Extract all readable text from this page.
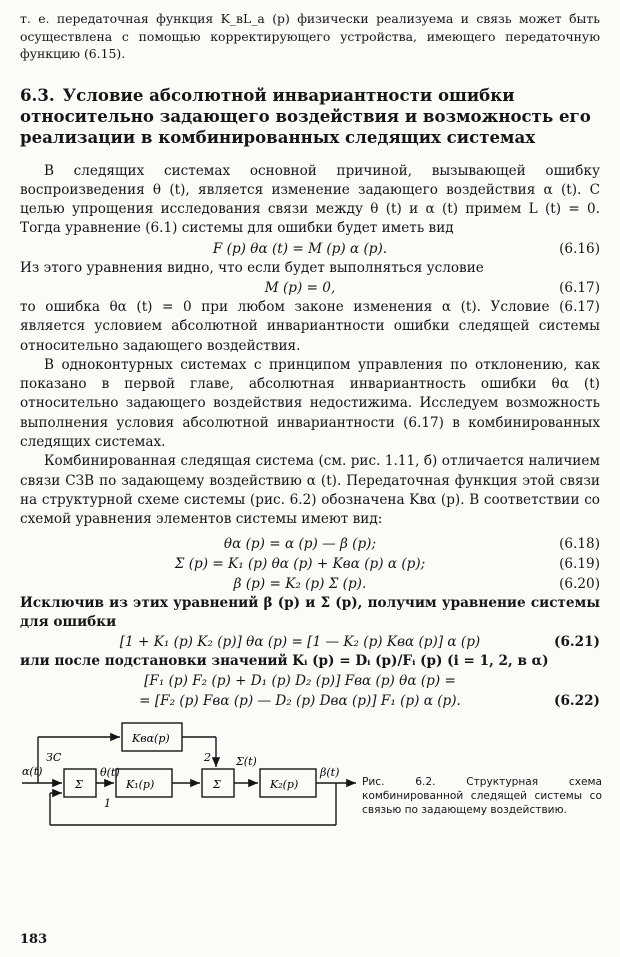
т. е. передаточная функция K_вL_a (p) физически реализуема и связь может быть осуществлена с помощью корректирующего устройства, имеющего передаточную функцию (6.15).

6.3. Условие абсолютной инвариантности ошибки относительно задающего воздействия и возможность его реализации в комбинированных следящих системах

В следящих системах основной причиной, вызывающей ошибку воспроизведения θ (t), является изменение задающего воздействия α (t). С целью упрощения исследования связи между θ (t) и α (t) примем L (t) = 0. Тогда уравнение (6.1) системы для ошибки будет иметь вид

F (p) θα (t) = M (p) α (p).	(6.16)

Из этого уравнения видно, что если будет выполняться условие

M (p) = 0,	(6.17)

то ошибка θα (t) = 0 при любом законе изменения α (t). Условие (6.17) является условием абсолютной инвариантности ошибки следящей системы относительно задающего воздействия.

В одноконтурных системах с принципом управления по отклонению, как показано в первой главе, абсолютная инвариантность ошибки θα (t) относительно задающего воздействия недостижима. Исследуем возможность выполнения условия абсолютной инвариантности (6.17) в комбинированных следящих системах.

Комбинированная следящая система (см. рис. 1.11, б) отличается наличием связи СЗВ по задающему воздействию α (t). Передаточная функция этой связи на структурной схеме системы (рис. 6.2) обозначена Kвα (p). В соответствии со схемой уравнения элементов системы имеют вид:

θα (p) = α (p) — β (p);	(6.18)
Σ (p) = K₁ (p) θα (p) + Kвα (p) α (p);	(6.19)
β (p) = K₂ (p) Σ (p).	(6.20)

Исключив из этих уравнений β (p) и Σ (p), получим уравнение системы для ошибки

[1 + K₁ (p) K₂ (p)] θα (p) = [1 — K₂ (p) Kвα (p)] α (p)	(6.21)

или после подстановки значений Kᵢ (p) = Dᵢ (p)/Fᵢ (p) (i = 1, 2, в α)

[F₁ (p) F₂ (p) + D₁ (p) D₂ (p)] Fвα (p) θα (p) =
= [F₂ (p) Fвα (p) — D₂ (p) Dвα (p)] F₁ (p) α (p).	(6.22)
Kвα(p)
K₁(p)	K₂(p)
Σ	Σ
α(t)	θ(t)
Σ(t)
β(t)
ЗС
1
2
Рис. 6.2. Структурная схема комбинированной следящей системы со связью по задающему воздействию.
183
